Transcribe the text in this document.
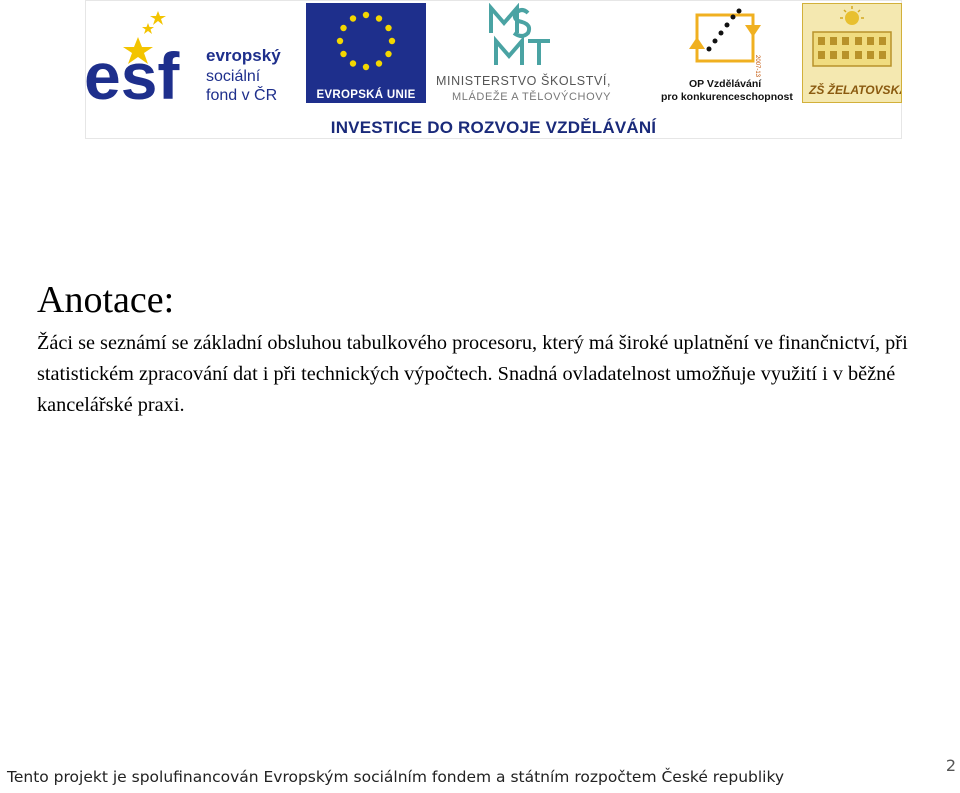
esf evropský
sociální
fond v ČR	EVROPSKÁ UNIE
MINISTERSTVO ŠKOLSTVÍ,
MLÁDEŽE A TĚLOVÝCHOVY
2007-13
OP Vzdělávání
pro konkurenceschopnost ZŠ ŽELATOVSKÁ
INVESTICE DO ROZVOJE VZDĚLÁVÁNÍ
Anotace:

Žáci se seznámí se základní obsluhou tabulkového procesoru, který má široké uplatnění ve finančnictví, při statistickém zpracování dat i při technických výpočtech. Snadná ovladatelnost umožňuje využití i v běžné kancelářské praxi.

Tento projekt je spolufinancován Evropským sociálním fondem a státním rozpočtem České republiky
2
